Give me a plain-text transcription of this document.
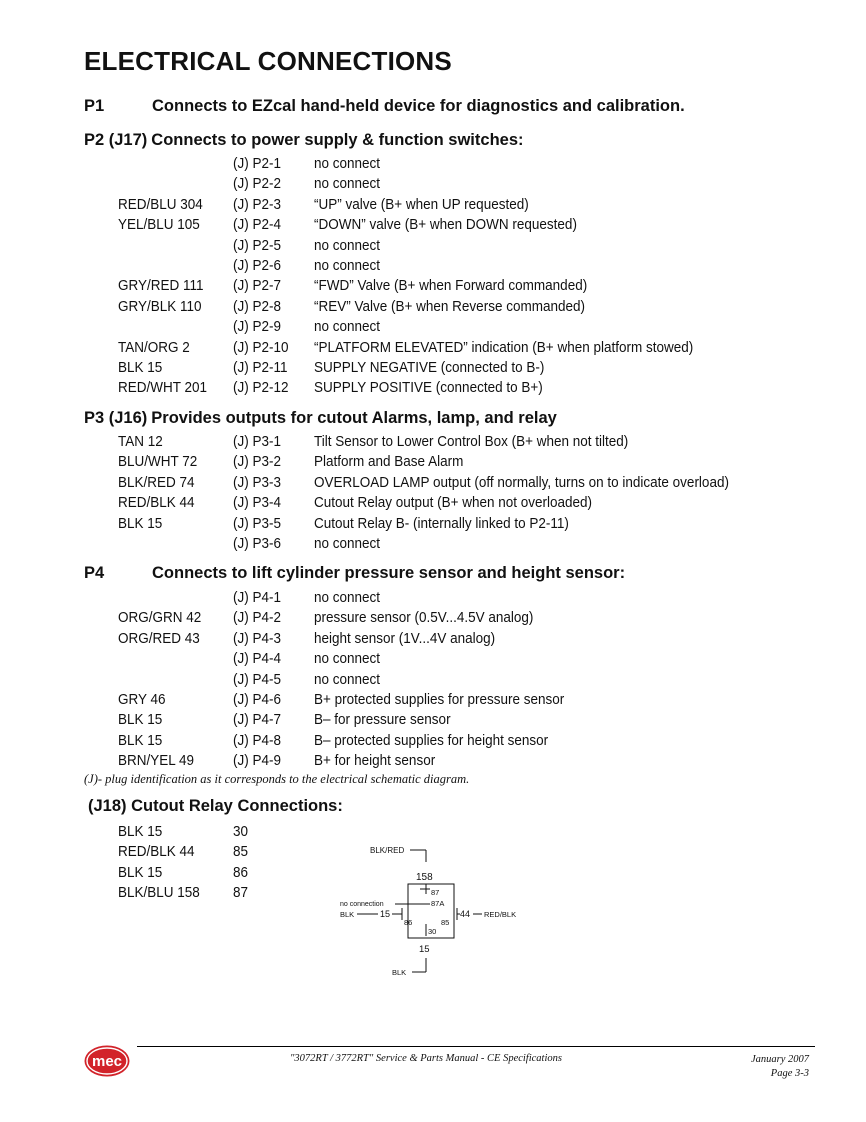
ELECTRICAL CONNECTIONS
P1	Connects to EZcal hand-held device for diagnostics and calibration.
P2 (J17) Connects to power supply & function switches:
(J) P2-1 no connect
(J) P2-2 no connect
RED/BLU 304 (J) P2-3 “UP” valve (B+ when UP requested)
YEL/BLU 105 (J) P2-4 “DOWN” valve (B+ when DOWN requested)
(J) P2-5 no connect
(J) P2-6 no connect
GRY/RED 111 (J) P2-7 “FWD” Valve (B+ when Forward commanded)
GRY/BLK 110 (J) P2-8 “REV” Valve (B+ when Reverse commanded)
(J) P2-9 no connect
TAN/ORG 2	(J) P2-10 “PLATFORM ELEVATED” indication (B+ when platform stowed)
BLK 15	(J) P2-11 SUPPLY NEGATIVE (connected to B-)
RED/WHT 201 (J) P2-12 SUPPLY POSITIVE (connected to B+)
P3 (J16) Provides outputs for cutout Alarms, lamp, and relay
TAN 12	(J) P3-1 Tilt Sensor to Lower Control Box (B+ when not tilted)
BLU/WHT 72 (J) P3-2 Platform and Base Alarm
BLK/RED 74	(J) P3-3 OVERLOAD LAMP output (off normally, turns on to indicate overload)
RED/BLK 44	(J) P3-4 Cutout Relay output (B+ when not overloaded)
BLK 15	(J) P3-5 Cutout Relay B- (internally linked to P2-11)
(J) P3-6 no connect
P4	Connects to lift cylinder pressure sensor and height sensor:
(J) P4-1 no connect
ORG/GRN 42 (J) P4-2 pressure sensor (0.5V...4.5V analog)
ORG/RED 43 (J) P4-3 height sensor (1V...4V analog)
(J) P4-4 no connect
(J) P4-5 no connect
GRY 46	(J) P4-6 B+ protected supplies for pressure sensor
BLK 15	(J) P4-7 B– for pressure sensor
BLK 15	(J) P4-8 B– protected supplies for height sensor
BRN/YEL 49	(J) P4-9 B+ for height sensor
(J)- plug identification as it corresponds to the electrical schematic diagram.
(J18) Cutout Relay Connections:
BLK 15	30
RED/BLK 44	85
BLK 15	86
BLK/BLU 158 87
BLK/RED
158
87
no connection	87A
BLK	15
86	85
44 RED/BLK
30
15
BLK
mec	"3072RT / 3772RT" Service & Parts Manual - CE Specifications	January 2007
Page 3-3
